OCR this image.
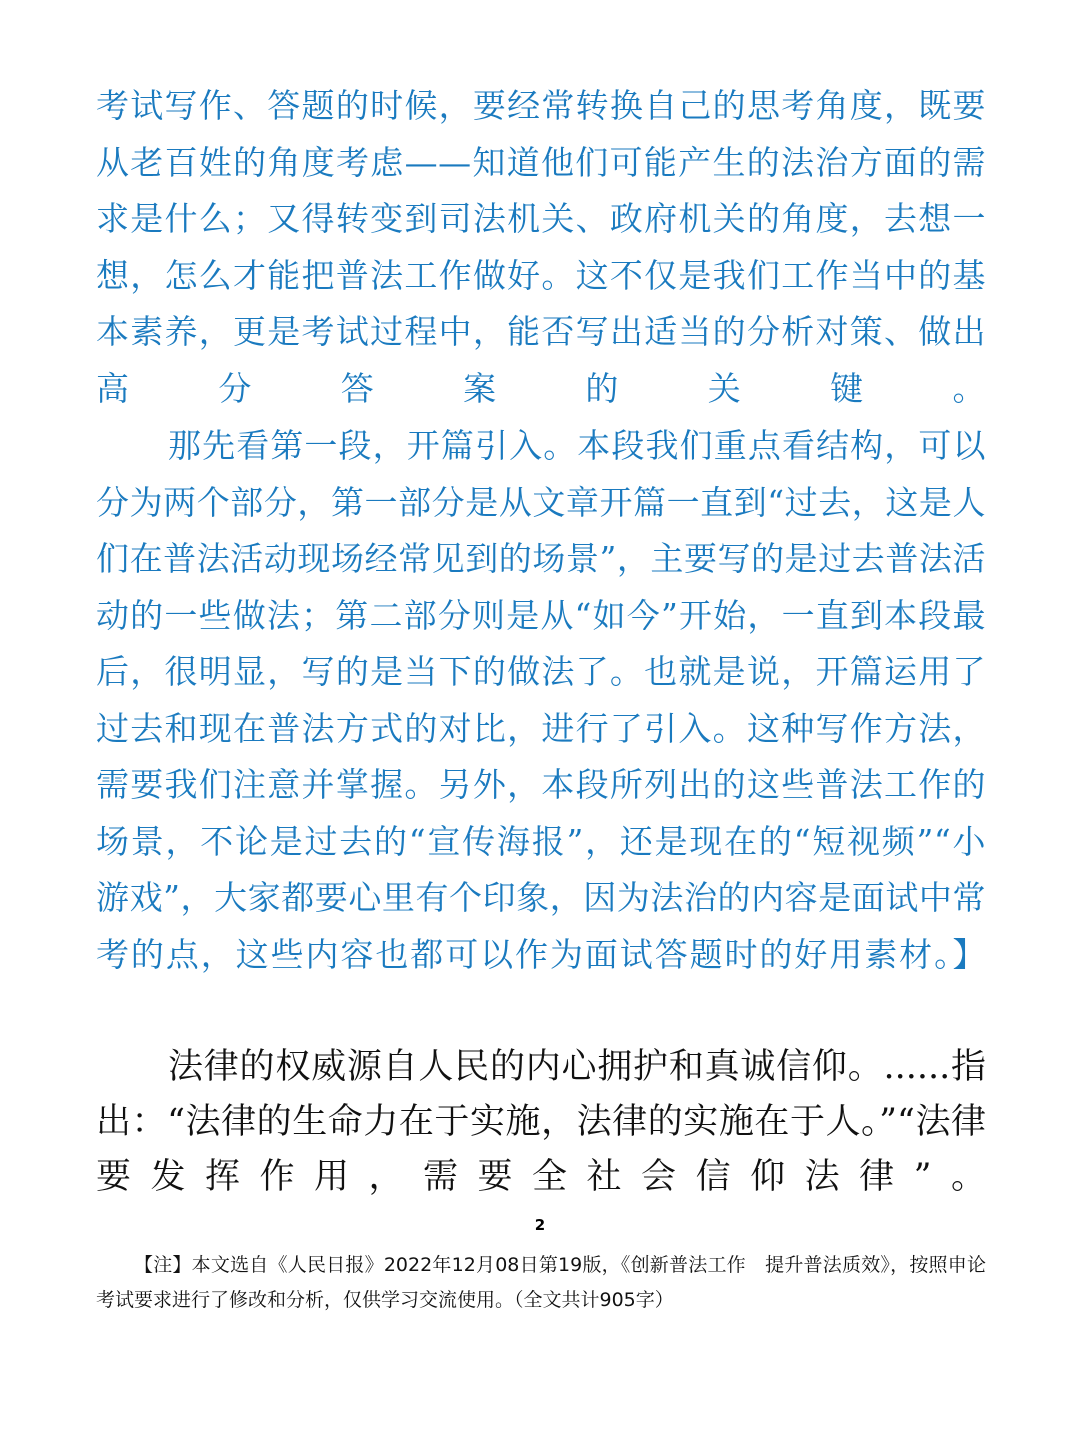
考试写作、答题的时候，要经常转换自己的思考角度，既要从老百姓的角度考虑——知道他们可能产生的法治方面的需求是什么；又得转变到司法机关、政府机关的角度，去想一想，怎么才能把普法工作做好。这不仅是我们工作当中的基本素养，更是考试过程中，能否写出适当的分析对策、做出高分答案的关键。

那先看第一段，开篇引入。本段我们重点看结构，可以分为两个部分，第一部分是从文章开篇一直到“过去，这是人们在普法活动现场经常见到的场景”，主要写的是过去普法活动的一些做法；第二部分则是从“如今”开始，一直到本段最后，很明显，写的是当下的做法了。也就是说，开篇运用了过去和现在普法方式的对比，进行了引入。这种写作方法，需要我们注意并掌握。另外，本段所列出的这些普法工作的场景，不论是过去的“宣传海报”，还是现在的“短视频”“小游戏”，大家都要心里有个印象，因为法治的内容是面试中常考的点，这些内容也都可以作为面试答题时的好用素材。】

法律的权威源自人民的内心拥护和真诚信仰。......指出：“法律的生命力在于实施，法律的实施在于人。”“法律要发挥作用，需要全社会信仰法律”。

2

【注】本文选自《人民日报》2022年12月08日第19版，《创新普法工作　提升普法质效》，按照申论考试要求进行了修改和分析，仅供学习交流使用。（全文共计905字）
